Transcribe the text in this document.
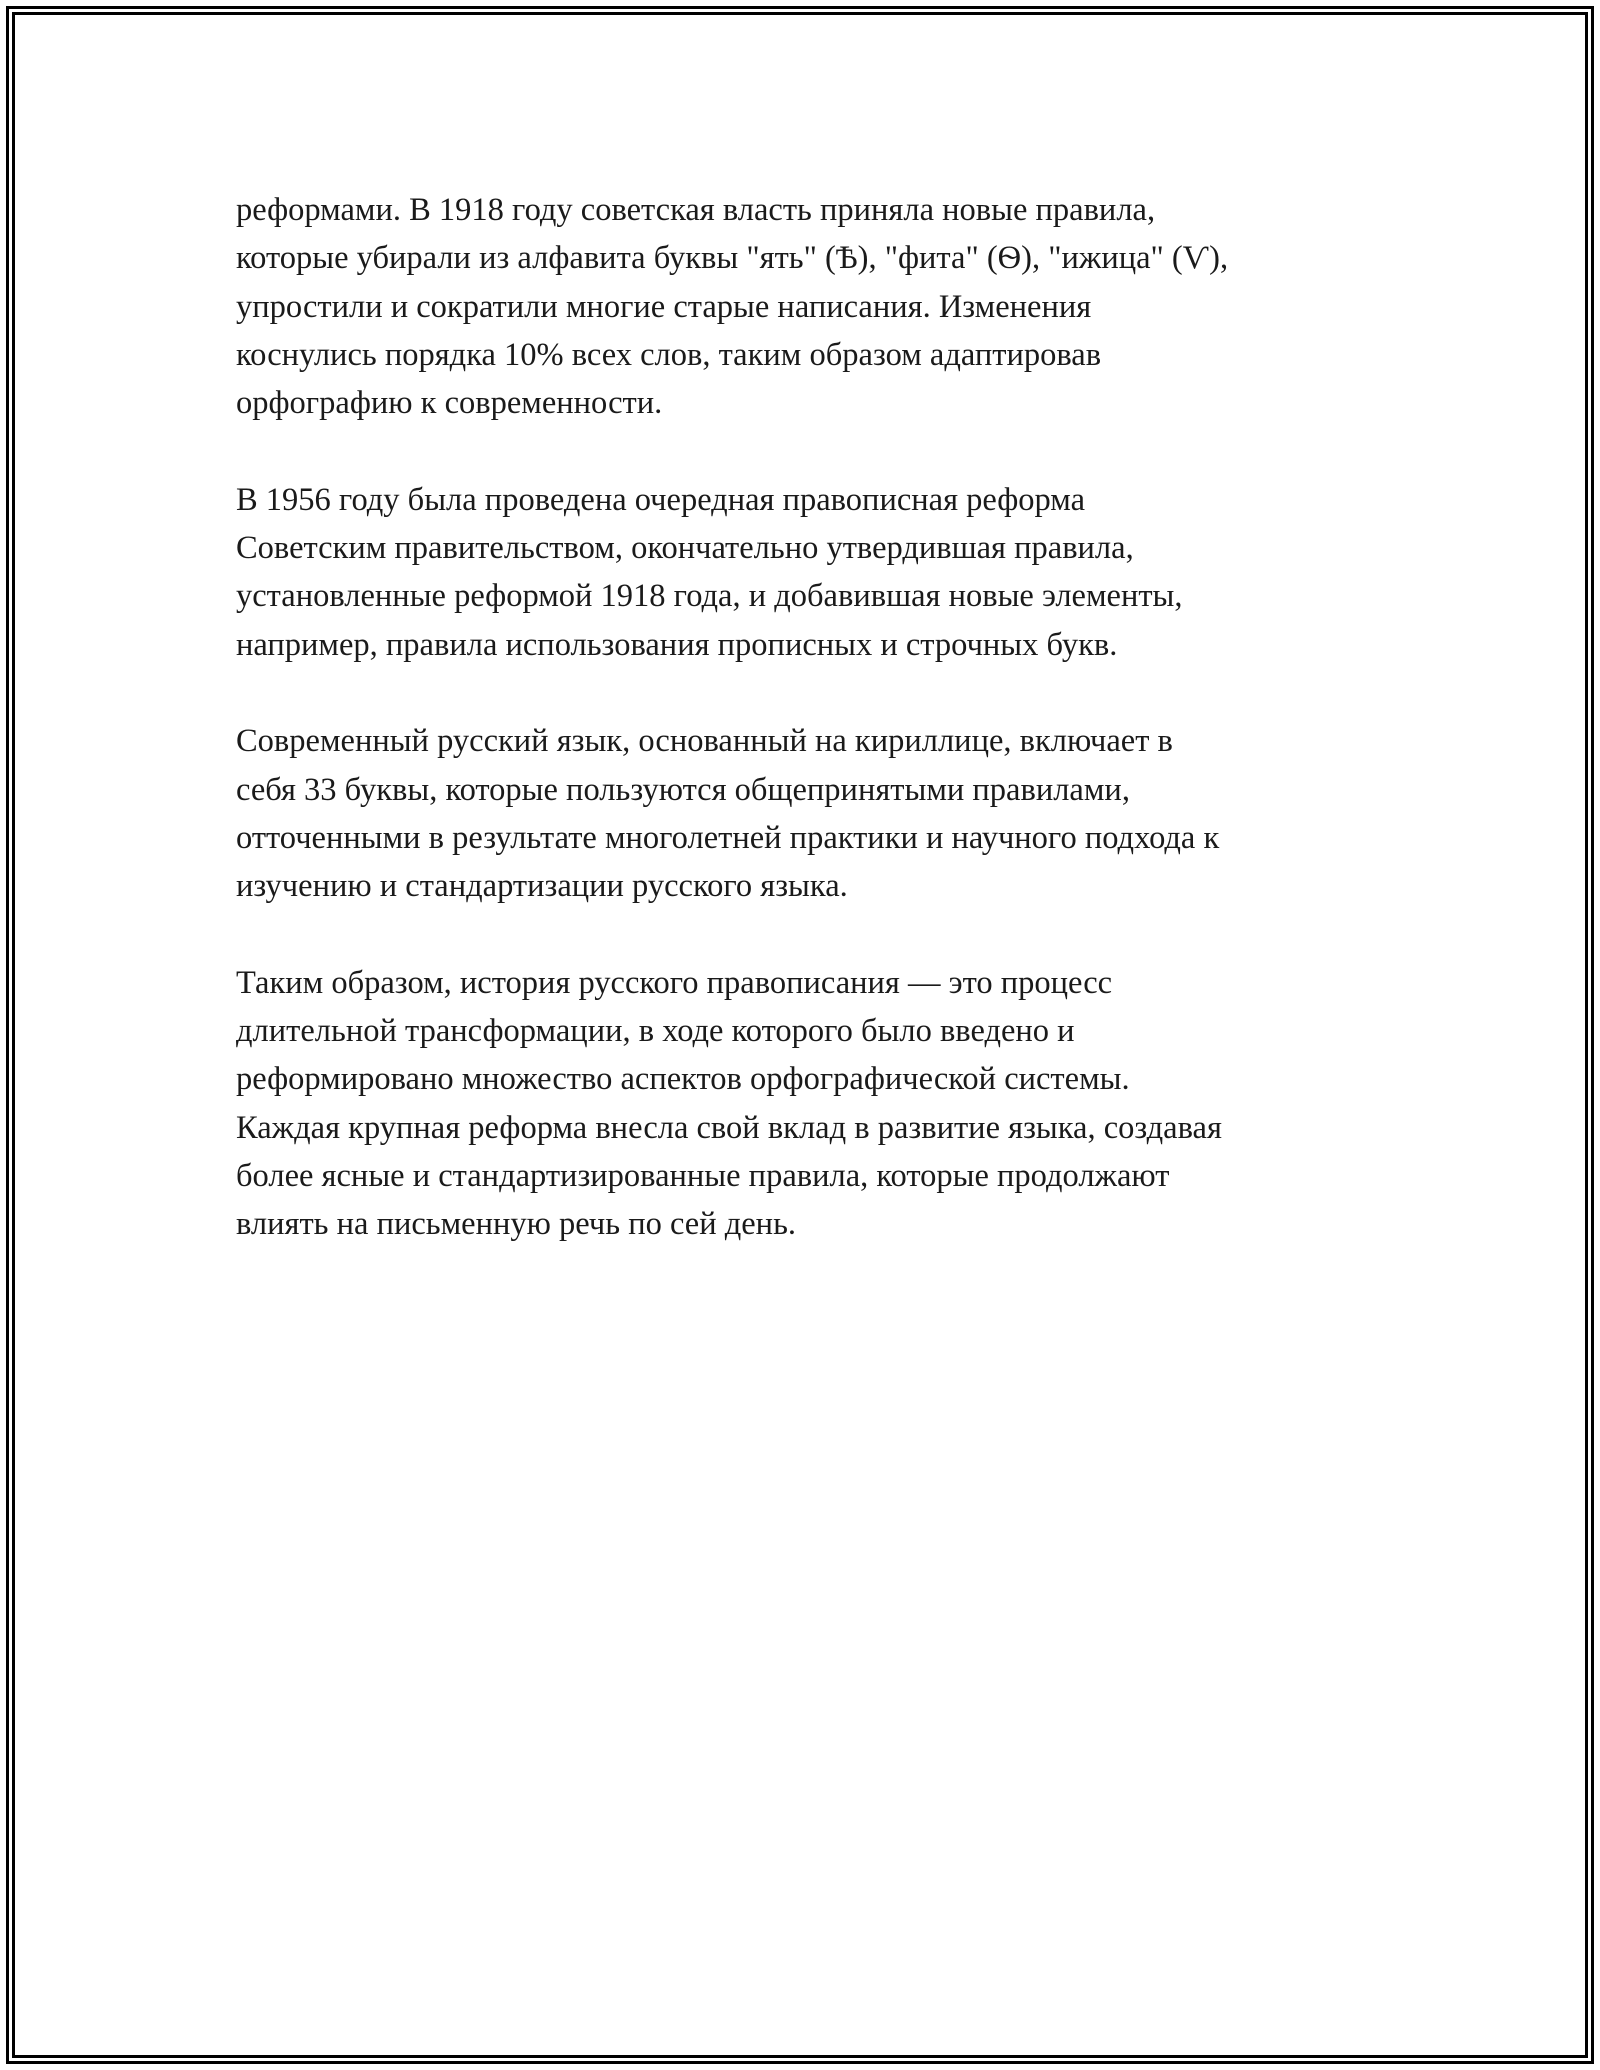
реформами. В 1918 году советская власть приняла новые правила,
которые убирали из алфавита буквы "ять" (Ѣ), "фита" (Ѳ), "ижица" (Ѵ),
упростили и сократили многие старые написания. Изменения
коснулись порядка 10% всех слов, таким образом адаптировав
орфографию к современности.

В 1956 году была проведена очередная правописная реформа
Советским правительством, окончательно утвердившая правила,
установленные реформой 1918 года, и добавившая новые элементы,
например, правила использования прописных и строчных букв.

Современный русский язык, основанный на кириллице, включает в
себя 33 буквы, которые пользуются общепринятыми правилами,
отточенными в результате многолетней практики и научного подхода к
изучению и стандартизации русского языка.

Таким образом, история русского правописания — это процесс
длительной трансформации, в ходе которого было введено и
реформировано множество аспектов орфографической системы.
Каждая крупная реформа внесла свой вклад в развитие языка, создавая
более ясные и стандартизированные правила, которые продолжают
влиять на письменную речь по сей день.
